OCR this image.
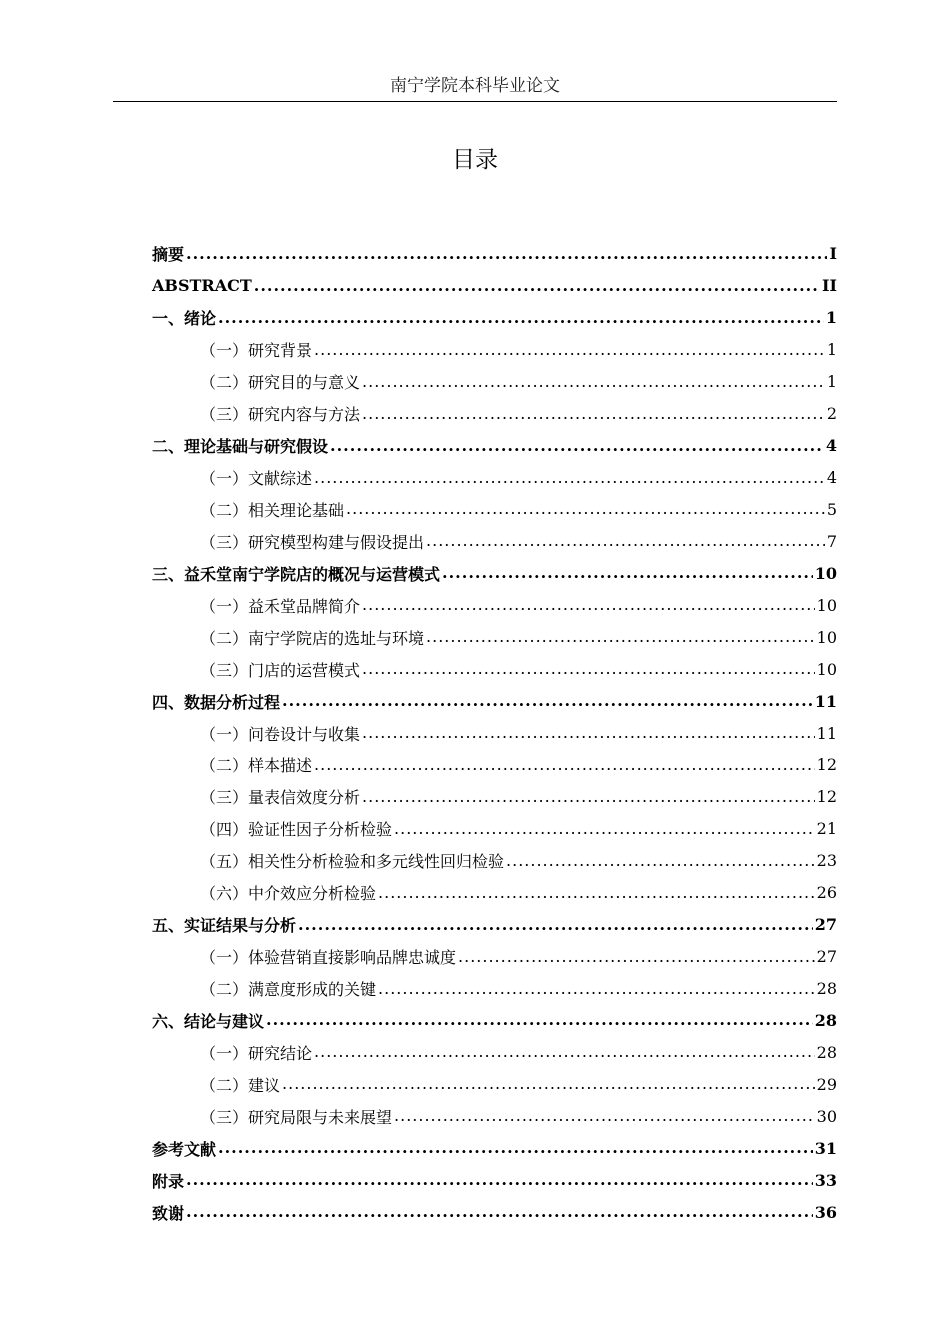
南宁学院本科毕业论文
目录
摘要 .....	I
ABSTRACT .....	II
一、 绪论 .....	1
（一） 研究背景 .....	1
（二） 研究目的与意义 .....	1
（三） 研究内容与方法 .....	2
二、 理论基础与研究假设 .....	4
（一） 文献综述 .....	4
（二） 相关理论基础 .....	5
（三） 研究模型构建与假设提出 .....	7
三、 益禾堂南宁学院店的概况与运营模式 .....	10
（一） 益禾堂品牌简介 .....	10
（二） 南宁学院店的选址与环境 .....	10
（三） 门店的运营模式 .....	10
四、 数据分析过程 .....	11
（一） 问卷设计与收集 .....	11
（二） 样本描述 .....	12
（三） 量表信效度分析 .....	12
（四） 验证性因子分析检验 .....	21
（五） 相关性分析检验和多元线性回归检验 .....	23
（六） 中介效应分析检验 .....	26
五、 实证结果与分析 .....	27
（一） 体验营销直接影响品牌忠诚度 .....	27
（二） 满意度形成的关键 .....	28
六、 结论与建议 .....	28
（一） 研究结论 .....	28
（二） 建议 .....	29
（三） 研究局限与未来展望 .....	30
参考文献 .....	31
附录 .....	33
致谢 .....	36
